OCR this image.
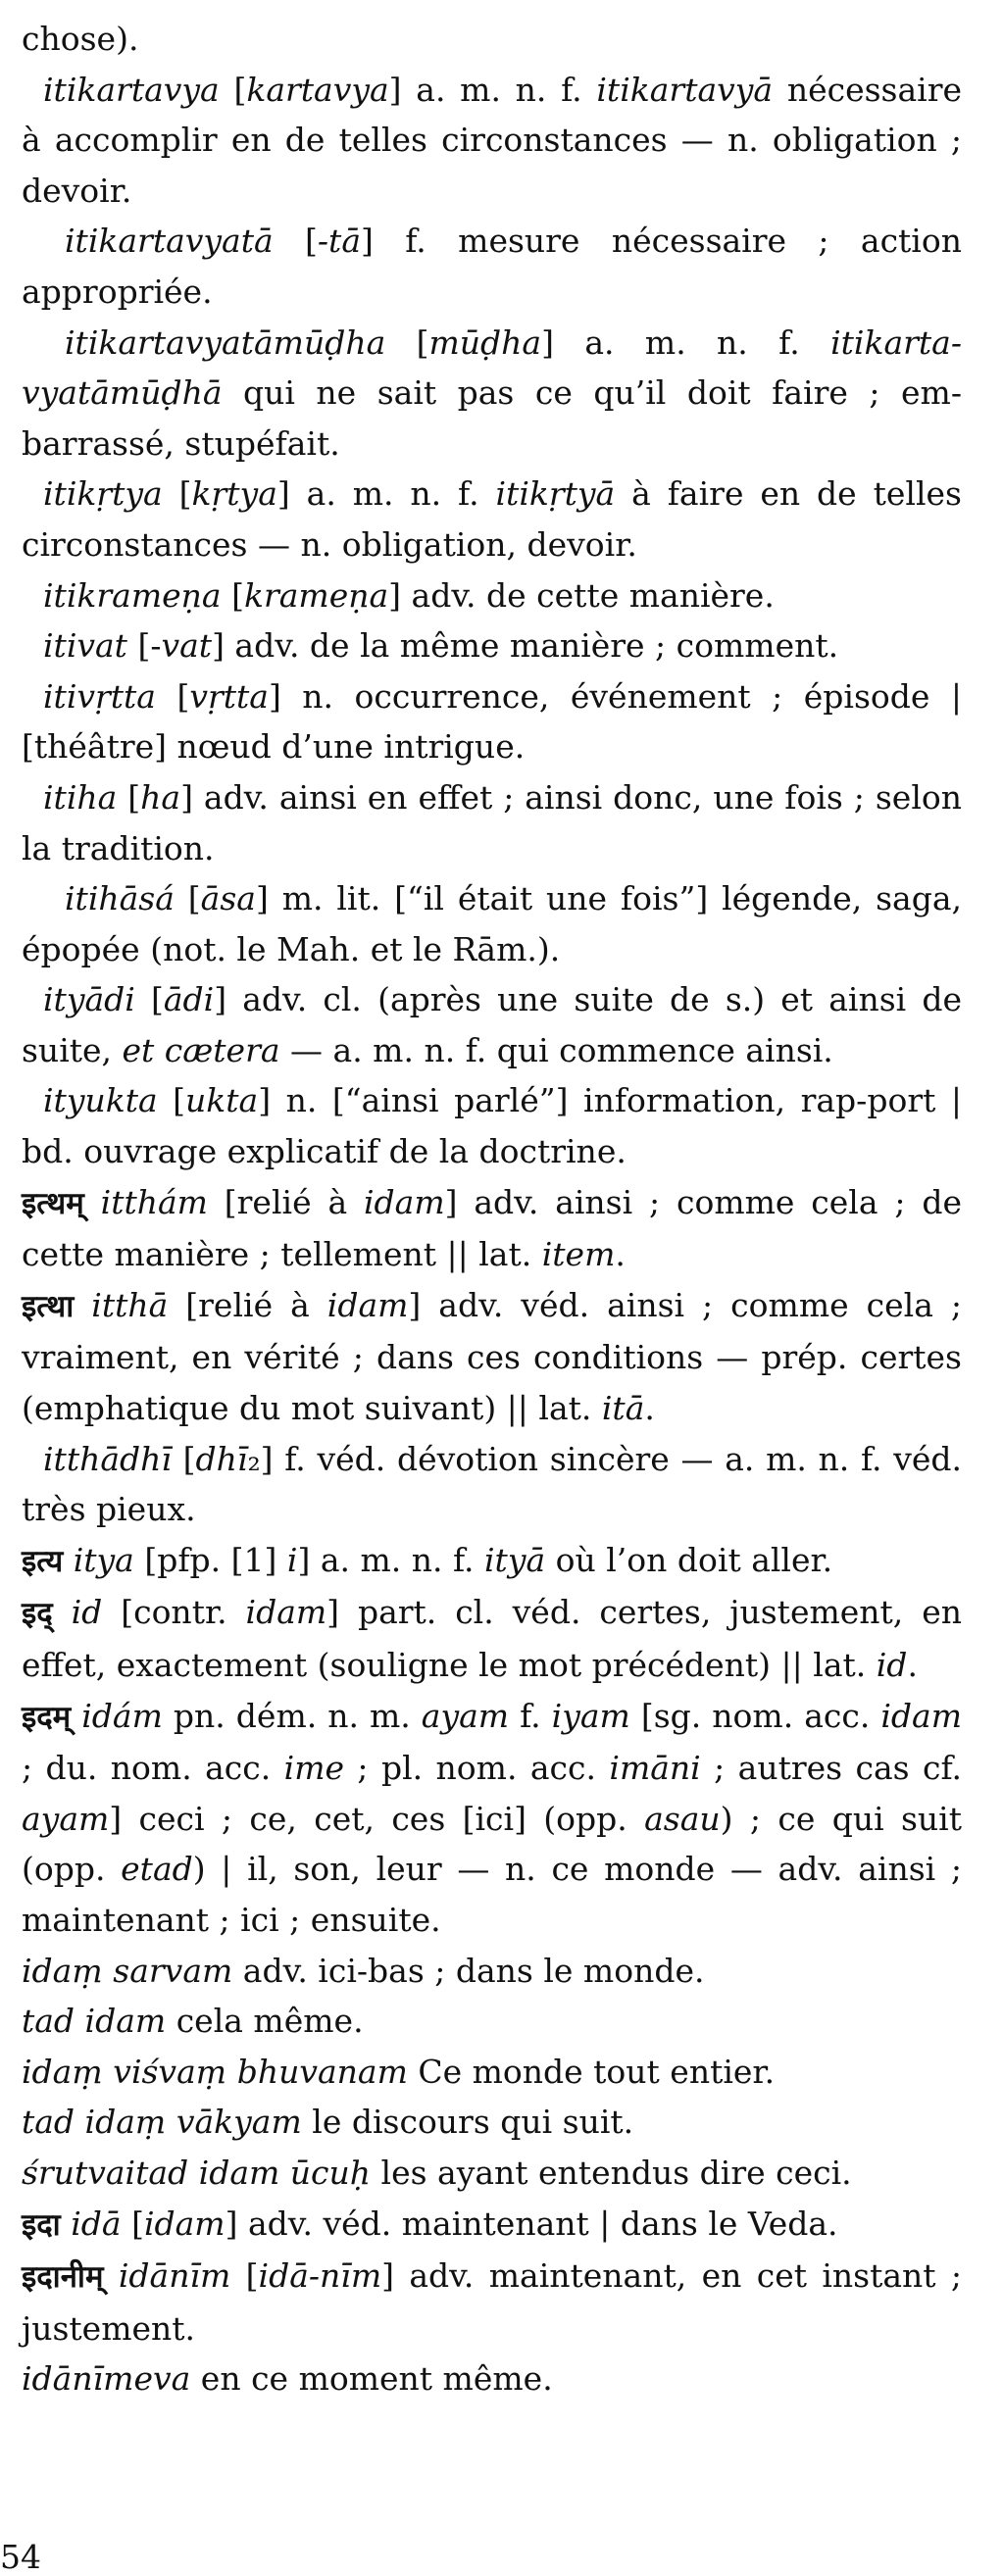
chose).

itikartavya [kartavya] a. m. n. f. itikartavyā nécessaire à accomplir en de telles circonstances — n. obligation ; devoir.

itikartavyatā [-tā] f. mesure nécessaire ; action appropriée.

itikartavyatāmūḍha [mūḍha] a. m. n. f. itikarta-vyatāmūḍhā qui ne sait pas ce qu’il doit faire ; em-barrassé, stupéfait.

itikṛtya [kṛtya] a. m. n. f. itikṛtyā à faire en de telles circonstances — n. obligation, devoir.

itikrameṇa [krameṇa] adv. de cette manière.

itivat [-vat] adv. de la même manière ; comment.

itivṛtta [vṛtta] n. occurrence, événement ; épisode | [théâtre] nœud d’une intrigue.

itiha [ha] adv. ainsi en effet ; ainsi donc, une fois ; selon la tradition.

itihāsá [āsa] m. lit. [“il était une fois”] légende, saga, épopée (not. le Mah. et le Rām.).

ityādi [ādi] adv. cl. (après une suite de s.) et ainsi de suite, et cætera — a. m. n. f. qui commence ainsi.

ityukta [ukta] n. [“ainsi parlé”] information, rap-port | bd. ouvrage explicatif de la doctrine.

इत्थम् itthám [relié à idam] adv. ainsi ; comme cela ; de cette manière ; tellement || lat. item.

इत्था itthā [relié à idam] adv. véd. ainsi ; comme cela ; vraiment, en vérité ; dans ces conditions — prép. certes (emphatique du mot suivant) || lat. itā.

itthādhī [dhī₂] f. véd. dévotion sincère — a. m. n. f. véd. très pieux.

इत्य itya [pfp. [1] i] a. m. n. f. ityā où l’on doit aller.

इद् id [contr. idam] part. cl. véd. certes, justement, en effet, exactement (souligne le mot précédent) || lat. id.

इदम् idám pn. dém. n. m. ayam f. iyam [sg. nom. acc. idam ; du. nom. acc. ime ; pl. nom. acc. imāni ; autres cas cf. ayam] ceci ; ce, cet, ces [ici] (opp. asau) ; ce qui suit (opp. etad) | il, son, leur — n. ce monde — adv. ainsi ; maintenant ; ici ; ensuite.

idaṃ sarvam adv. ici-bas ; dans le monde.

tad idam cela même.

idaṃ viśvaṃ bhuvanam Ce monde tout entier.

tad idaṃ vākyam le discours qui suit.

śrutvaitad idam ūcuḥ les ayant entendus dire ceci.

इदा idā [idam] adv. véd. maintenant | dans le Veda.

इदानीम् idānīm [idā-nīm] adv. maintenant, en cet instant ; justement.

idānīmeva en ce moment même.

54
